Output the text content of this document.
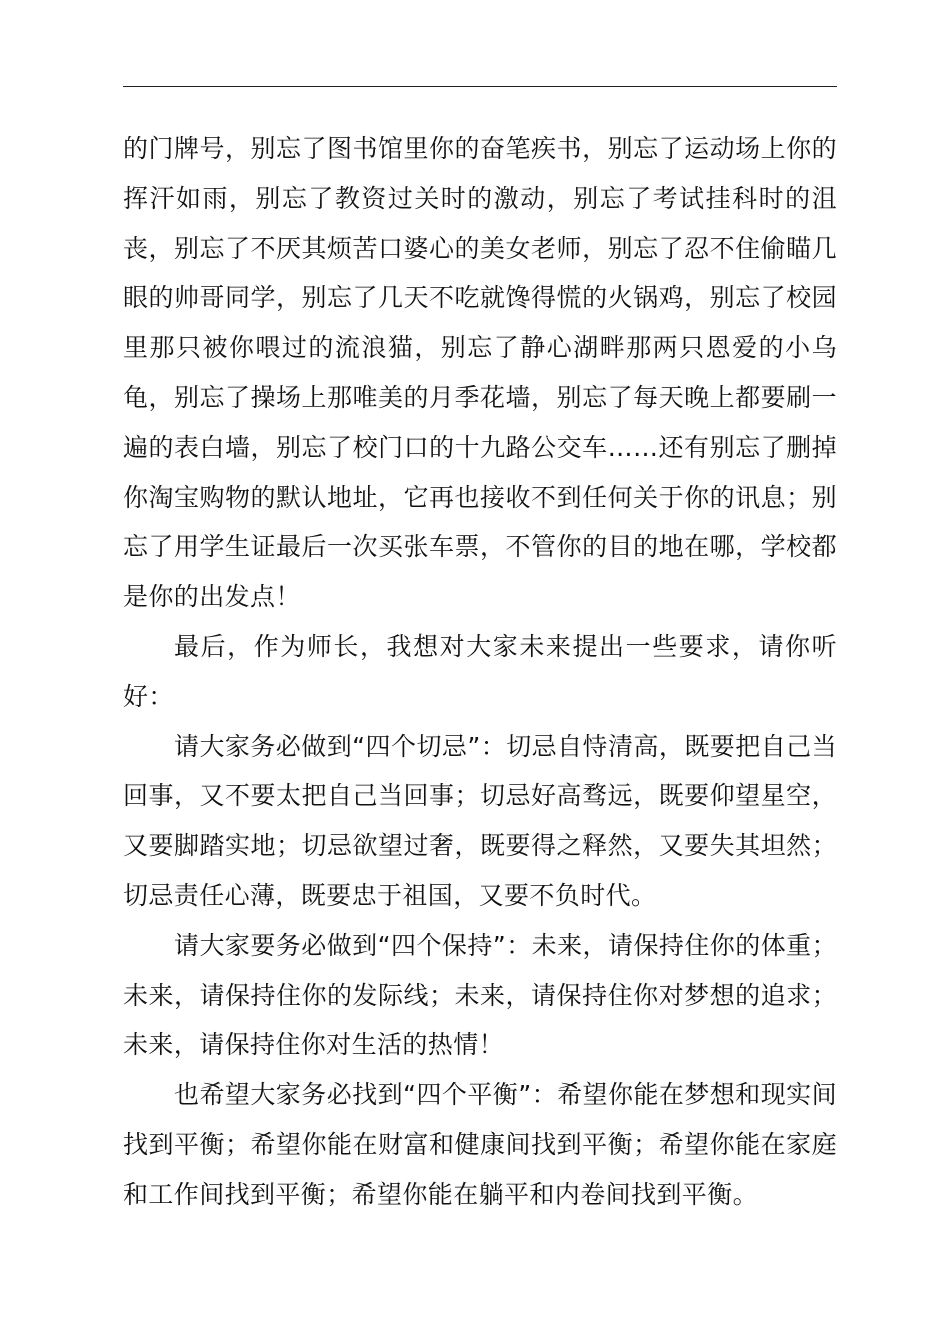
的门牌号，别忘了图书馆里你的奋笔疾书，别忘了运动场上你的挥汗如雨，别忘了教资过关时的激动，别忘了考试挂科时的沮丧，别忘了不厌其烦苦口婆心的美女老师，别忘了忍不住偷瞄几眼的帅哥同学，别忘了几天不吃就馋得慌的火锅鸡，别忘了校园里那只被你喂过的流浪猫，别忘了静心湖畔那两只恩爱的小乌龟，别忘了操场上那唯美的月季花墙，别忘了每天晚上都要刷一遍的表白墙，别忘了校门口的十九路公交车……还有别忘了删掉你淘宝购物的默认地址，它再也接收不到任何关于你的讯息；别忘了用学生证最后一次买张车票，不管你的目的地在哪，学校都是你的出发点！

最后，作为师长，我想对大家未来提出一些要求，请你听好：

请大家务必做到“四个切忌”：切忌自恃清高，既要把自己当回事，又不要太把自己当回事；切忌好高骛远，既要仰望星空，又要脚踏实地；切忌欲望过奢，既要得之释然，又要失其坦然；切忌责任心薄，既要忠于祖国，又要不负时代。

请大家要务必做到“四个保持”：未来，请保持住你的体重；未来，请保持住你的发际线；未来，请保持住你对梦想的追求；未来，请保持住你对生活的热情！

也希望大家务必找到“四个平衡”：希望你能在梦想和现实间找到平衡；希望你能在财富和健康间找到平衡；希望你能在家庭和工作间找到平衡；希望你能在躺平和内卷间找到平衡。
